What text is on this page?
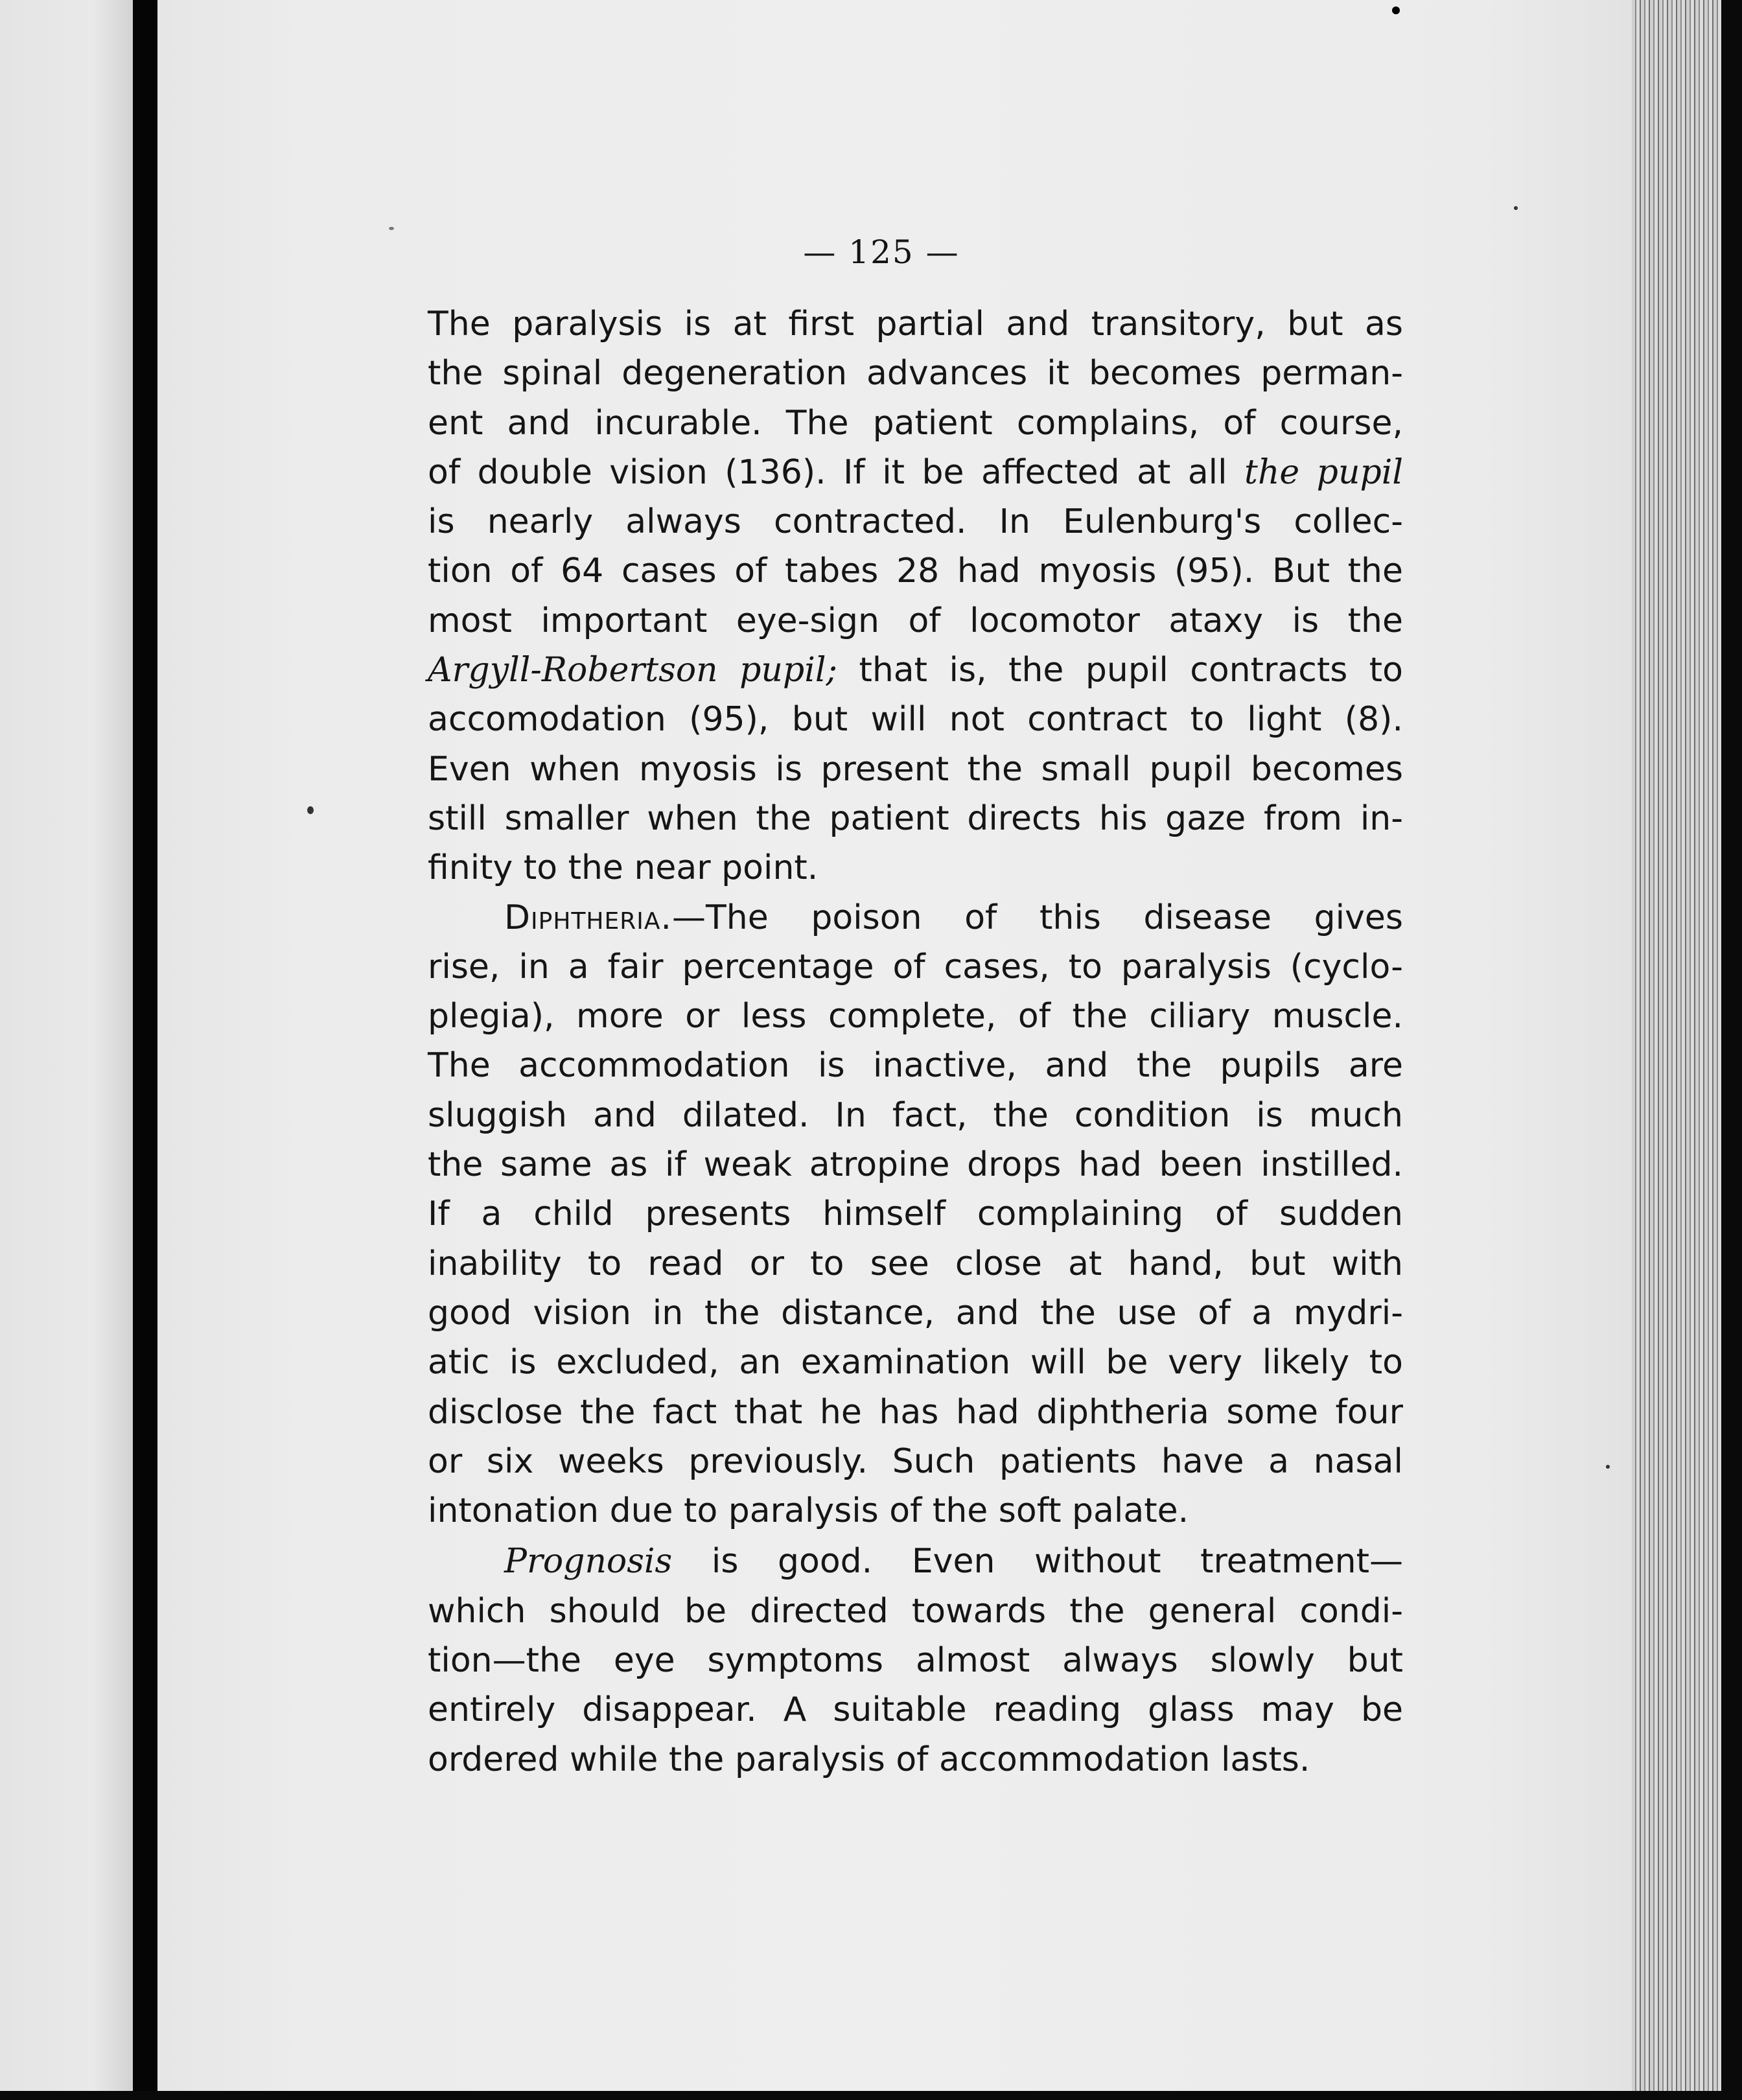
— 125 —

The paralysis is at first partial and transitory, but as
the spinal degeneration advances it becomes perman-
ent and incurable. The patient complains, of course,
of double vision (136). If it be affected at all the pupil
is nearly always contracted. In Eulenburg's collec-
tion of 64 cases of tabes 28 had myosis (95). But the
most important eye-sign of locomotor ataxy is the
Argyll-Robertson pupil; that is, the pupil contracts to
accomodation (95), but will not contract to light (8).
Even when myosis is present the small pupil becomes
still smaller when the patient directs his gaze from in-
finity to the near point.

Diphtheria.—The poison of this disease gives
rise, in a fair percentage of cases, to paralysis (cyclo-
plegia), more or less complete, of the ciliary muscle.
The accommodation is inactive, and the pupils are
sluggish and dilated. In fact, the condition is much
the same as if weak atropine drops had been instilled.
If a child presents himself complaining of sudden
inability to read or to see close at hand, but with
good vision in the distance, and the use of a mydri-
atic is excluded, an examination will be very likely to
disclose the fact that he has had diphtheria some four
or six weeks previously. Such patients have a nasal
intonation due to paralysis of the soft palate.

Prognosis is good. Even without treatment—
which should be directed towards the general condi-
tion—the eye symptoms almost always slowly but
entirely disappear. A suitable reading glass may be
ordered while the paralysis of accommodation lasts.
